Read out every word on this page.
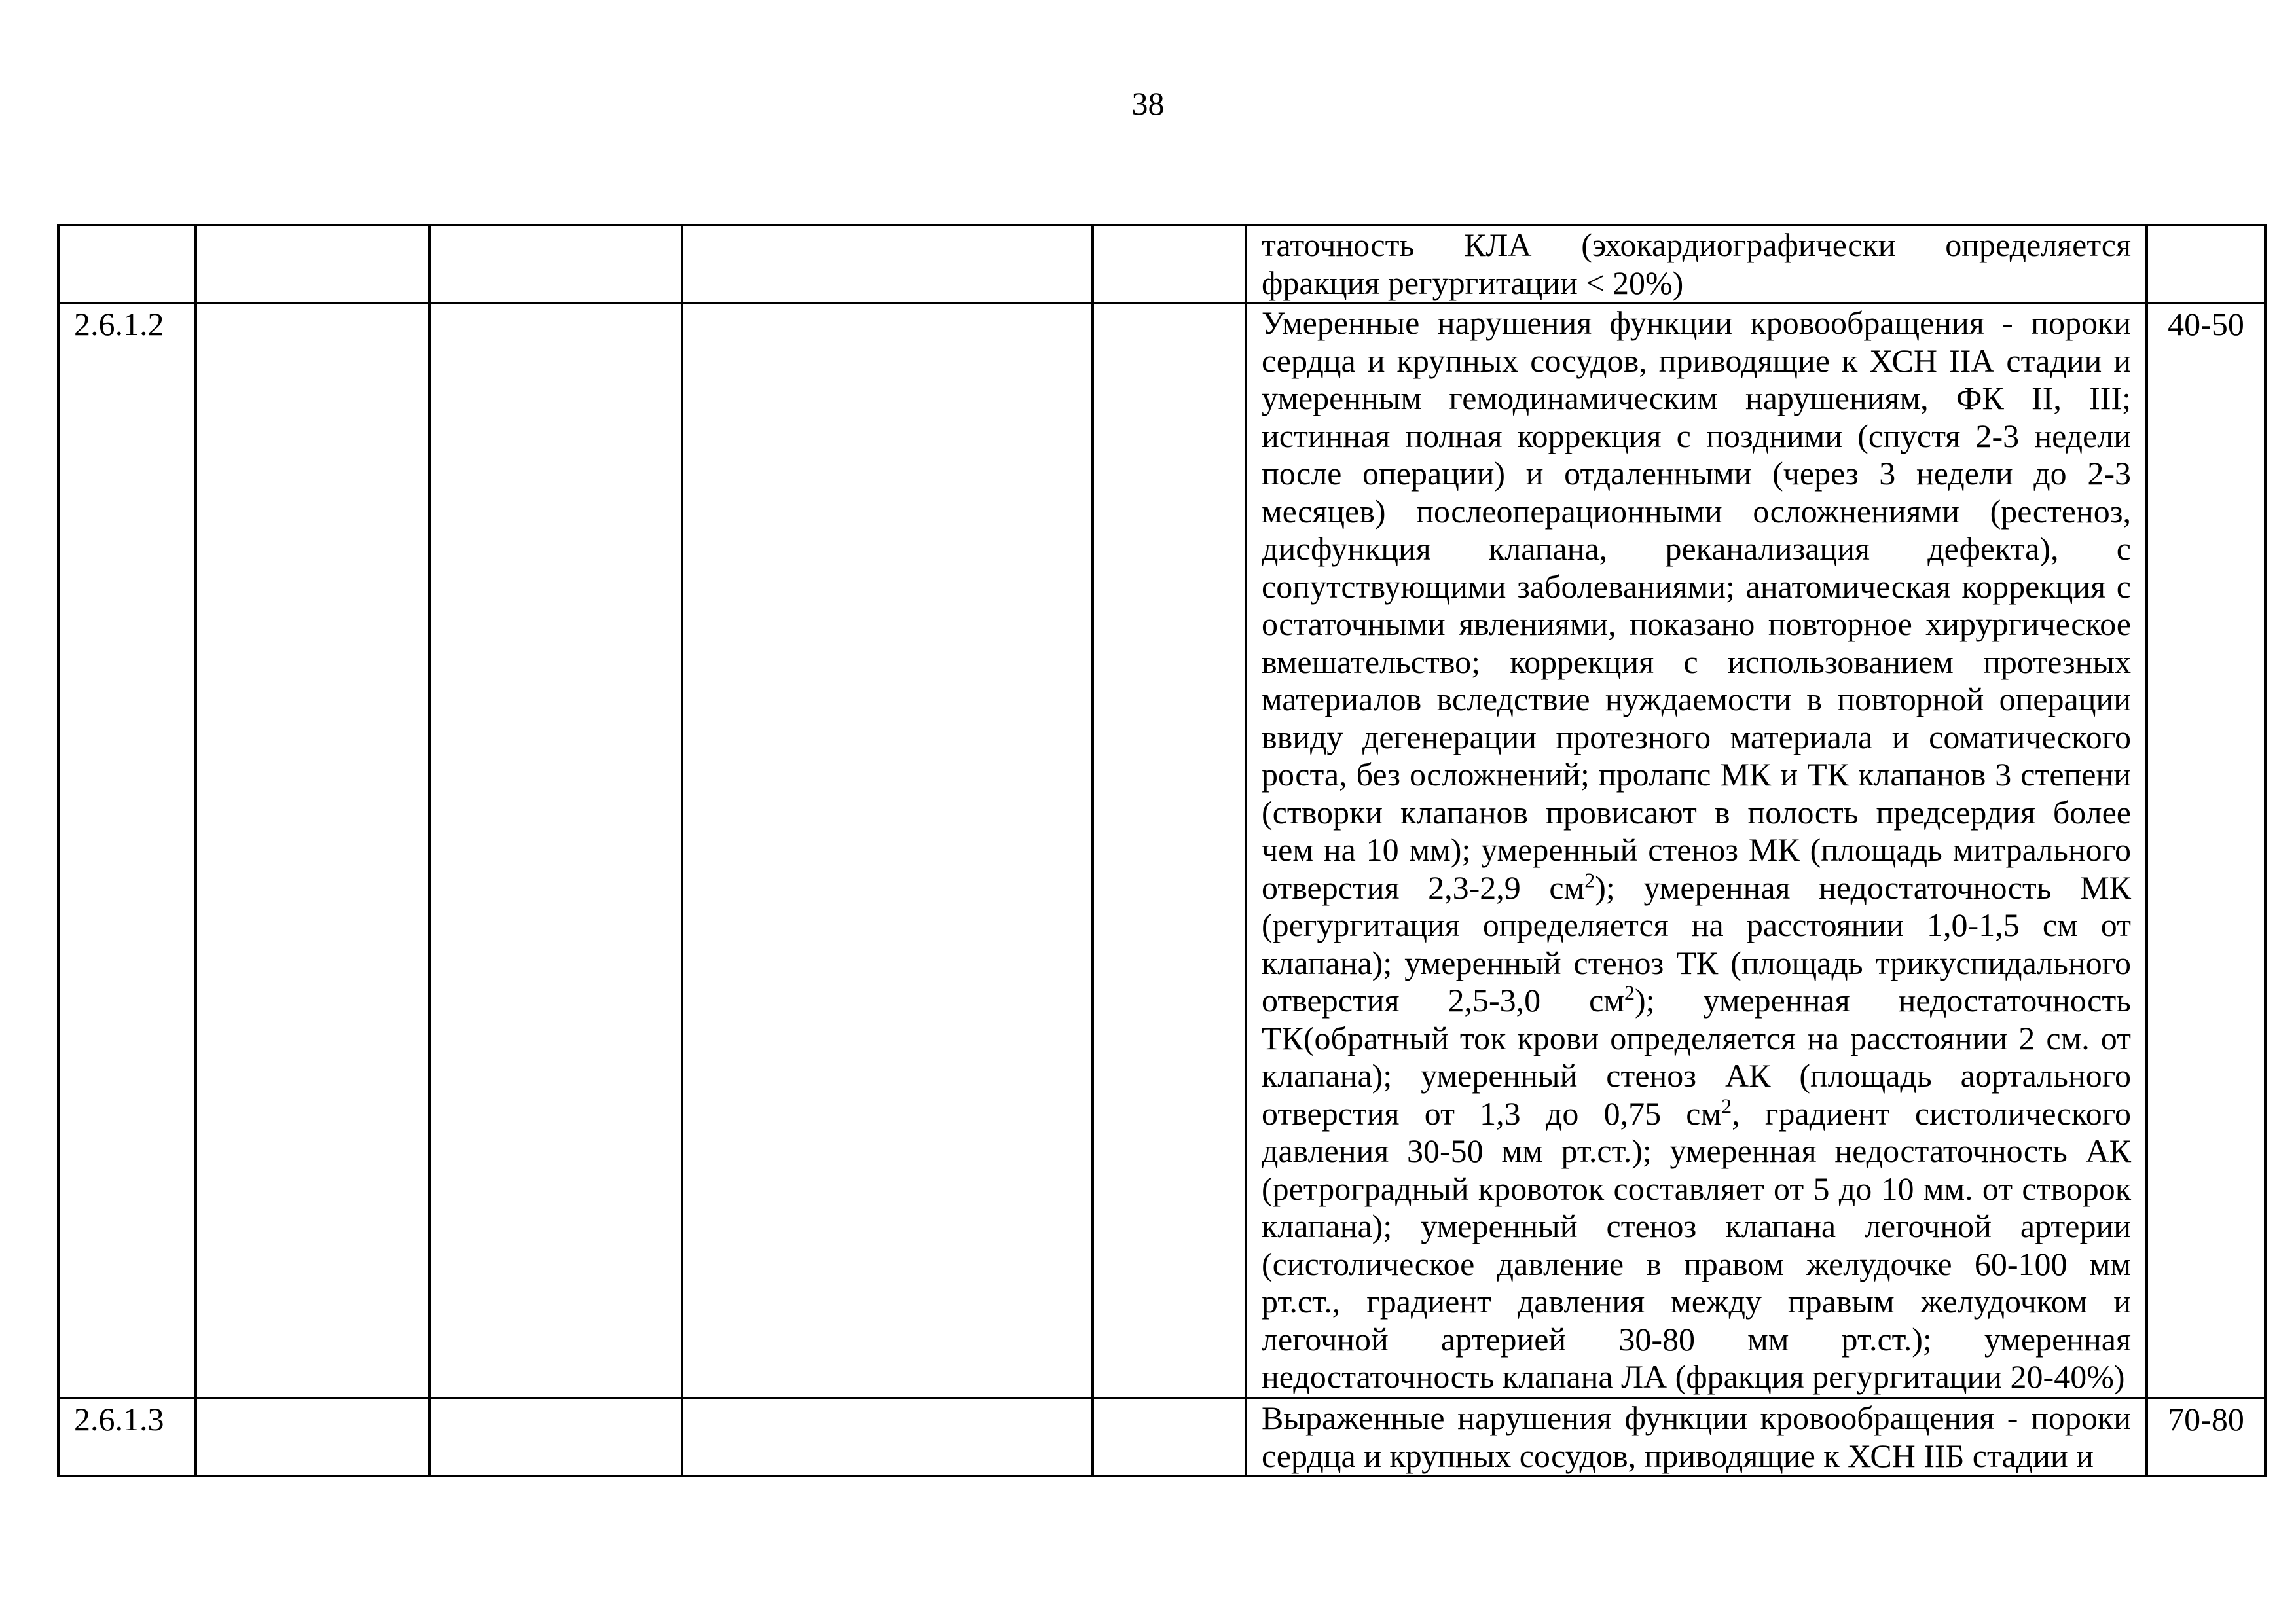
38

					таточность КЛА (эхокардиографически определяется фракция регургитации < 20%)	

2.6.1.2					Умеренные нарушения функции кровообращения - пороки сердца и крупных сосудов, приводящие к ХСН IIА стадии и умеренным гемодинамическим нарушениям, ФК II, III; истинная полная коррекция с поздними (спустя 2-3 недели после операции) и отдаленными (через 3 недели до 2-3 месяцев) послеоперационными осложнениями (рестеноз, дисфункция клапана, реканализация дефекта), с сопутствующими заболеваниями; анатомическая коррекция с остаточными явлениями, показано повторное хирургическое вмешательство; коррекция с использованием протезных материалов вследствие нуждаемости в повторной операции ввиду дегенерации протезного материала и соматического роста, без осложнений; пролапс МК и ТК клапанов 3 степени (створки клапанов провисают в полость предсердия более чем на 10 мм); умеренный стеноз МК (площадь митрального отверстия 2,3-2,9 $см^2$); умеренная недостаточность МК (регургитация определяется на расстоянии 1,0-1,5 см от клапана); умеренный стеноз ТК (площадь трикуспидального отверстия 2,5-3,0 $см^2$); умеренная недостаточность ТК(обратный ток крови определяется на расстоянии 2 см. от клапана); умеренный стеноз АК (площадь аортального отверстия от 1,3 до 0,75 $см^2$, градиент систолического давления 30-50 мм рт.ст.); умеренная недостаточность АК (ретроградный кровоток составляет от 5 до 10 мм. от створок клапана); умеренный стеноз клапана легочной артерии (систолическое давление в правом желудочке 60-100 мм рт.ст., градиент давления между правым желудочком и легочной артерией 30-80 мм рт.ст.); умеренная недостаточность клапана ЛА (фракция регургитации 20-40%)	40-50
2.6.1.3					Выраженные нарушения функции кровообращения - пороки сердца и крупных сосудов, приводящие к ХСН IIБ стадии и	70-80
